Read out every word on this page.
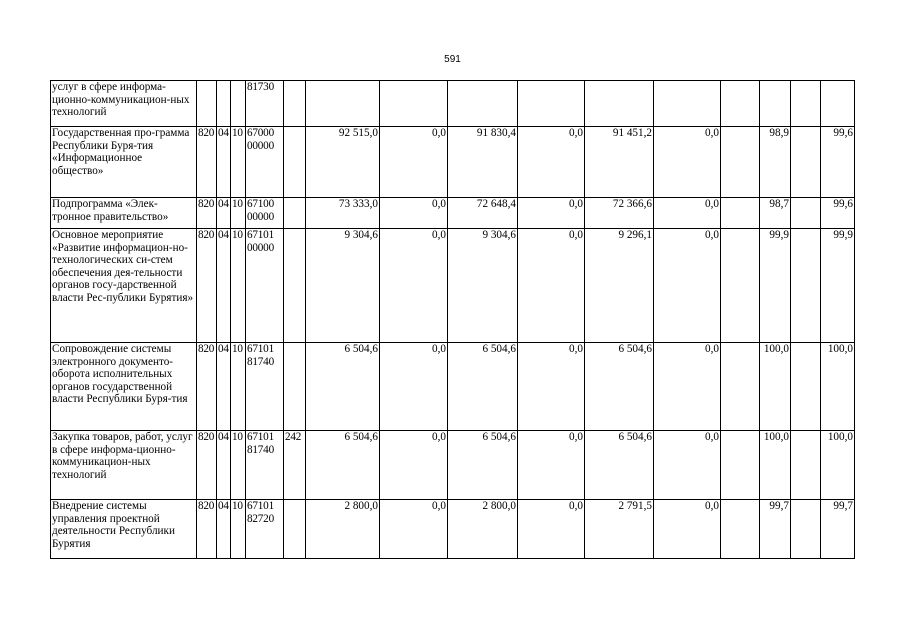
591
услуг в сфере информа-ционно-коммуникацион-ных технологий				81730											
Государственная про-грамма Республики Буря-тия «Информационное общество»	820	04	10	67000 00000		92 515,0	0,0	91 830,4	0,0	91 451,2	0,0		98,9		99,6
Подпрограмма «Элек-тронное правительство»	820	04	10	67100 00000		73 333,0	0,0	72 648,4	0,0	72 366,6	0,0		98,7		99,6
Основное мероприятие «Развитие информацион-но-технологических си-стем обеспечения дея-тельности органов госу-дарственной власти Рес-публики Бурятия»	820	04	10	67101 00000		9 304,6	0,0	9 304,6	0,0	9 296,1	0,0		99,9		99,9
Сопровождение системы электронного документо-оборота исполнительных органов государственной власти Республики Буря-тия	820	04	10	67101 81740		6 504,6	0,0	6 504,6	0,0	6 504,6	0,0		100,0		100,0
Закупка товаров, работ, услуг в сфере информа-ционно-коммуникацион-ных технологий	820	04	10	67101 81740	242	6 504,6	0,0	6 504,6	0,0	6 504,6	0,0		100,0		100,0
Внедрение системы управления проектной деятельности Республики Бурятия	820	04	10	67101 82720		2 800,0	0,0	2 800,0	0,0	2 791,5	0,0		99,7		99,7
